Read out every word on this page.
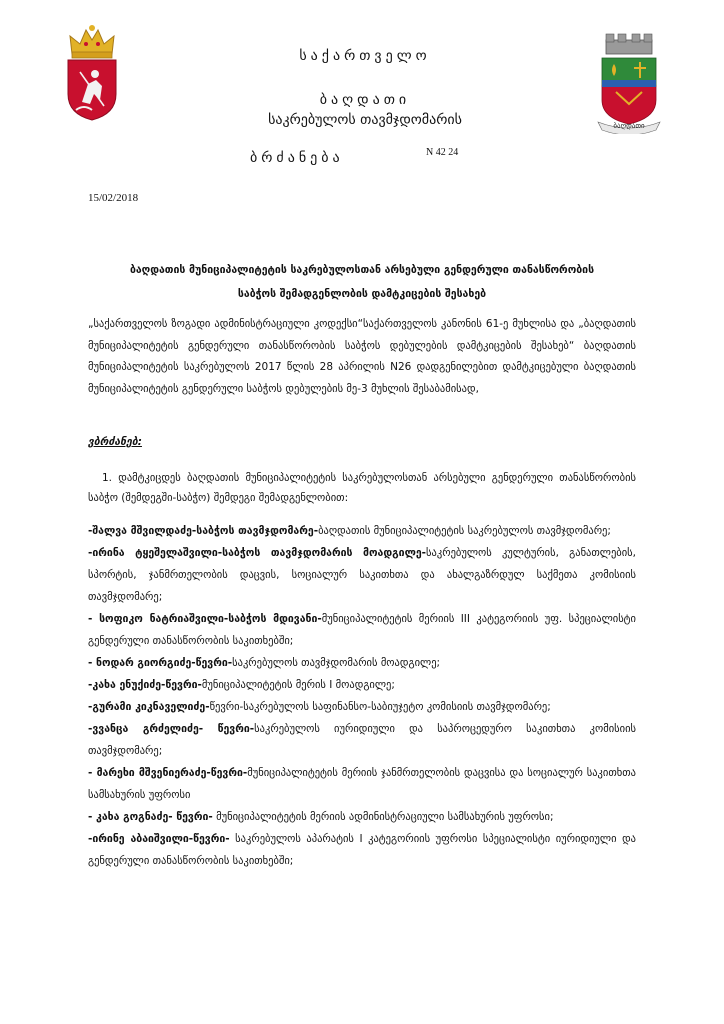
ბაღდათი
საქართველო
ბაღდათი
საკრებულოს თავმჯდომარის
ბრძანება	N 42 24
15/02/2018
ბაღდათის მუნიციპალიტეტის საკრებულოსთან არსებული გენდერული თანასწორობის საბჭოს შემადგენლობის დამტკიცების შესახებ
„საქართველოს ზოგადი ადმინისტრაციული კოდექსი“საქართველოს კანონის 61-ე მუხლისა და „ბაღდათის მუნიციპალიტეტის გენდერული თანასწორობის საბჭოს დებულების დამტკიცების შესახებ“ ბაღდათის მუნიციპალიტეტის საკრებულოს 2017 წლის 28 აპრილის N26 დადგენილებით დამტკიცებული ბაღდათის მუნიციპალიტეტის გენდერული საბჭოს დებულების მე-3 მუხლის შესაბამისად,
ვბრძანებ:
1. დამტკიცდეს ბაღდათის მუნიციპალიტეტის საკრებულოსთან არსებული გენდერული თანასწორობის საბჭო (შემდეგში-საბჭო) შემდეგი შემადგენლობით:
-შალვა მშვილდაძე-საბჭოს თავმჯდომარე-ბაღდათის მუნიციპალიტეტის საკრებულოს თავმჯდომარე;
-ირინა ტყეშელაშვილი-საბჭოს თავმჯდომარის მოადგილე-საკრებულოს კულტურის, განათლების, სპორტის, ჯანმრთელობის დაცვის, სოციალურ საკითხთა და ახალგაზრდულ საქმეთა კომისიის თავმჯდომარე;
- სოფიკო ნატრიაშვილი-საბჭოს მდივანი-მუნიციპალიტეტის მერიის III კატეგორიის უფ. სპეციალისტი გენდერული თანასწორობის საკითხებში;
- ნოდარ გიორგიძე-წევრი-საკრებულოს თავმჯდომარის მოადგილე;
-კახა ენუქიძე-წევრი-მუნიციპალიტეტის მერის I მოადგილე;
-გურამი კიკნაველიძე-წევრი-საკრებულოს საფინანსო-საბიუჯეტო კომისიის თავმჯდომარე;
-ვვანცა გრძელიძე- წევრი-საკრებულოს იურიდიული და საპროცედურო საკითხთა კომისიის თავმჯდომარე;
- მარეხი მშვენიერაძე-წევრი-მუნიციპალიტეტის მერიის ჯანმრთელობის დაცვისა და სოციალურ საკითხთა სამსახურის უფროსი
- კახა გოგნაძე- წევრი- მუნიციპალიტეტის მერიის ადმინისტრაციული სამსახურის უფროსი;
-ირინე აბაიშვილი-წევრი- საკრებულოს აპარატის I კატეგორიის უფროსი სპეციალისტი იურიდიული და გენდერული თანასწორობის საკითხებში;
